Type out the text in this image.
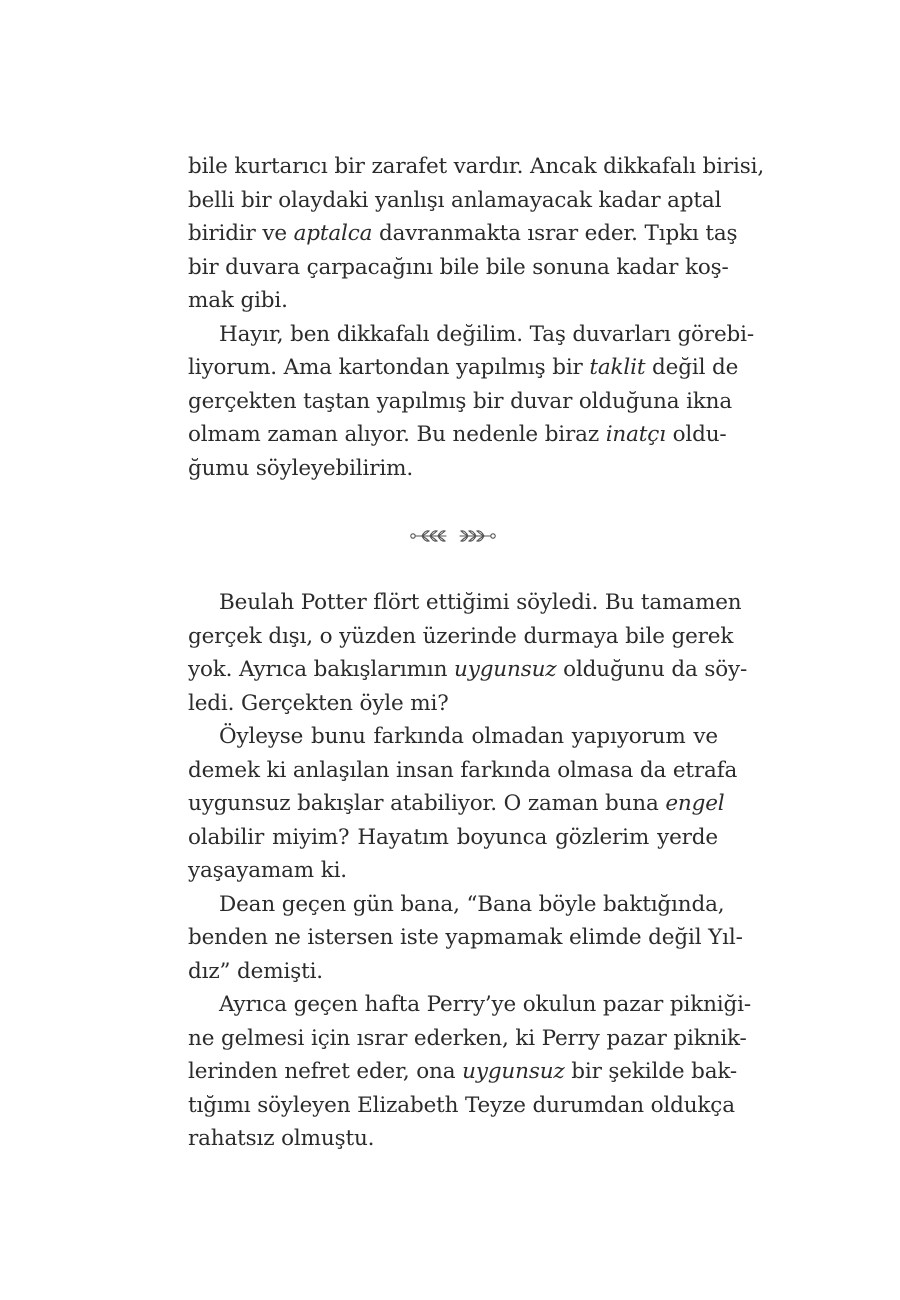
bile kurtarıcı bir zarafet vardır. Ancak dikkafalı birisi,
belli bir olaydaki yanlışı anlamayacak kadar aptal
biridir ve aptalca davranmakta ısrar eder. Tıpkı taş
bir duvara çarpacağını bile bile sonuna kadar koş-
mak gibi.
Hayır, ben dikkafalı değilim. Taş duvarları görebi-
liyorum. Ama kartondan yapılmış bir taklit değil de
gerçekten taştan yapılmış bir duvar olduğuna ikna
olmam zaman alıyor. Bu nedenle biraz inatçı oldu-
ğumu söyleyebilirim.
Beulah Potter flört ettiğimi söyledi. Bu tamamen
gerçek dışı, o yüzden üzerinde durmaya bile gerek
yok. Ayrıca bakışlarımın uygunsuz olduğunu da söy-
ledi. Gerçekten öyle mi?
Öyleyse bunu farkında olmadan yapıyorum ve
demek ki anlaşılan insan farkında olmasa da etrafa
uygunsuz bakışlar atabiliyor. O zaman buna engel
olabilir miyim? Hayatım boyunca gözlerim yerde
yaşayamam ki.
Dean geçen gün bana, “Bana böyle baktığında,
benden ne istersen iste yapmamak elimde değil Yıl-
dız” demişti.
Ayrıca geçen hafta Perry’ye okulun pazar pikniği-
ne gelmesi için ısrar ederken, ki Perry pazar piknik-
lerinden nefret eder, ona uygunsuz bir şekilde bak-
tığımı söyleyen Elizabeth Teyze durumdan oldukça
rahatsız olmuştu.
